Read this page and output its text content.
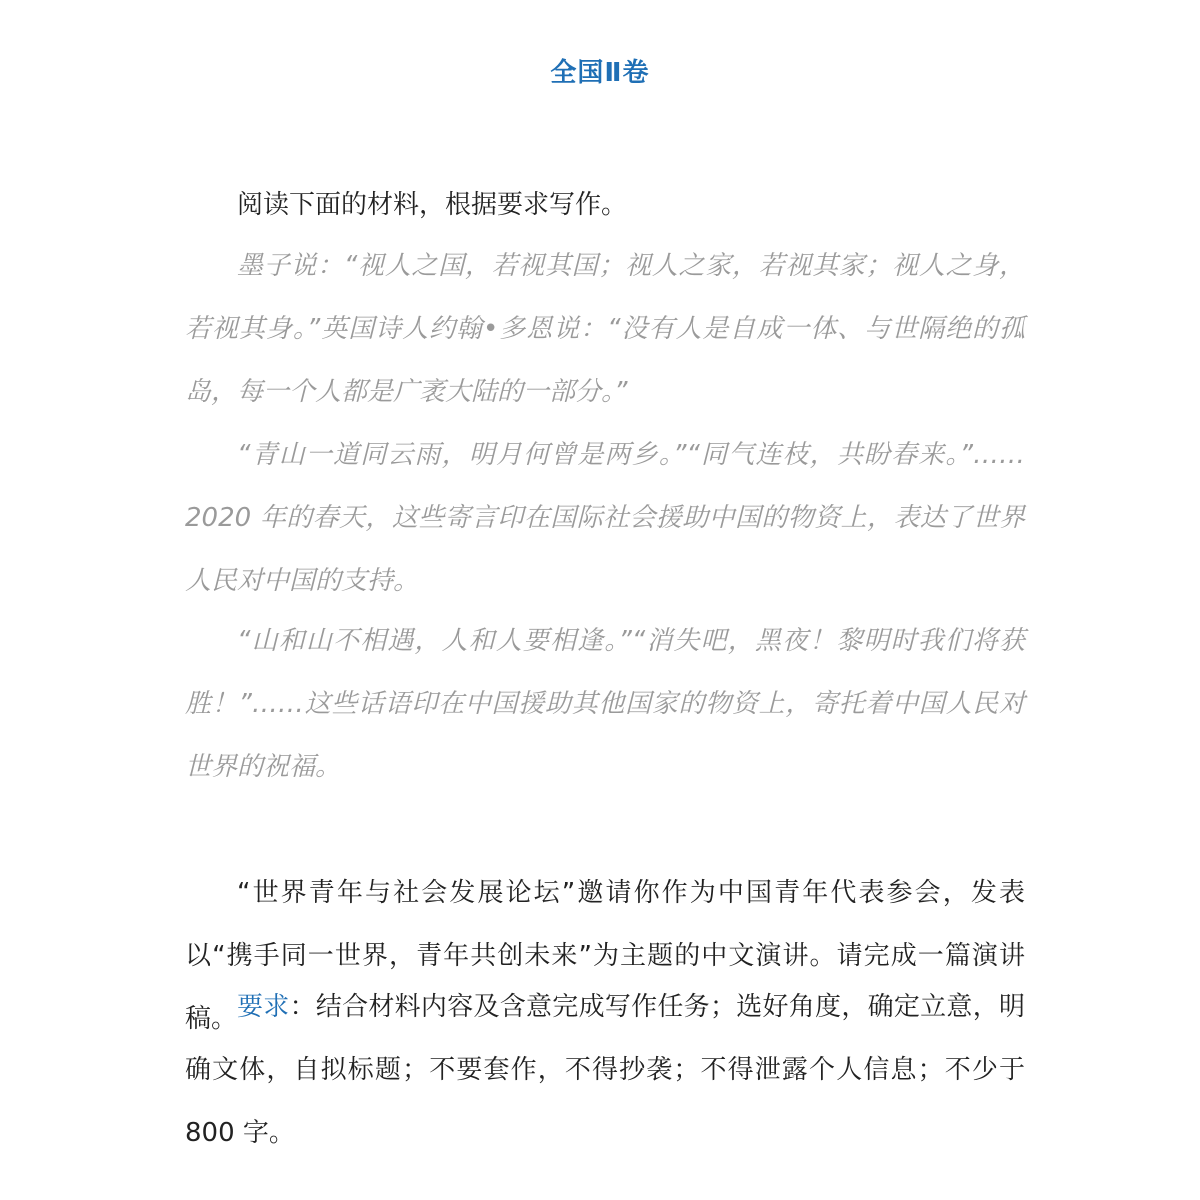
全国Ⅱ卷

阅读下面的材料，根据要求写作。

墨子说：“视人之国，若视其国；视人之家，若视其家；视人之身，若视其身。”英国诗人约翰•多恩说：“没有人是自成一体、与世隔绝的孤岛，每一个人都是广袤大陆的一部分。”

“青山一道同云雨，明月何曾是两乡。”“同气连枝，共盼春来。”……2020 年的春天，这些寄言印在国际社会援助中国的物资上，表达了世界人民对中国的支持。

“山和山不相遇，人和人要相逢。”“消失吧，黑夜！黎明时我们将获胜！”……这些话语印在中国援助其他国家的物资上，寄托着中国人民对世界的祝福。

“世界青年与社会发展论坛”邀请你作为中国青年代表参会，发表以“携手同一世界，青年共创未来”为主题的中文演讲。请完成一篇演讲稿。 要求：结合材料内容及含意完成写作任务；选好角度，确定立意，明确文体，自拟标题；不要套作，不得抄袭；不得泄露个人信息；不少于 800 字。
